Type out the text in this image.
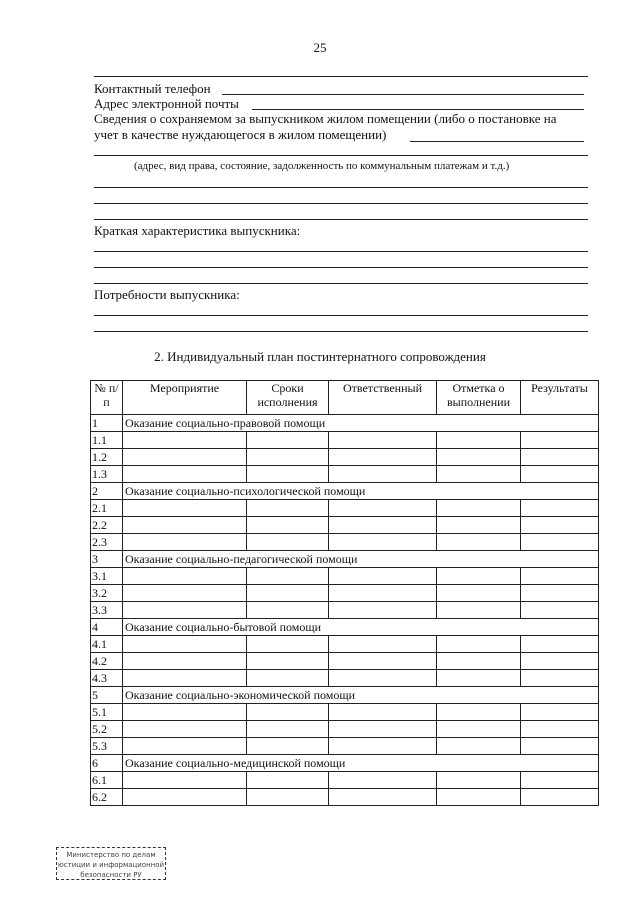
25
Контактный телефон
Адрес электронной почты
Сведения о сохраняемом за выпускником жилом помещении (либо о постановке на
учет в качестве нуждающегося в жилом помещении)
(адрес, вид права, состояние, задолженность по коммунальным платежам и т.д.)
Краткая характеристика выпускника:
Потребности выпускника:
2. Индивидуальный план постинтернатного сопровождения
№ п/п	Мероприятие	Сроки исполнения	Ответственный	Отметка о выполнении	Результаты
1	Оказание социально-правовой помощи				
1.1					
1.2					
1.3					
2	Оказание социально-психологической помощи				
2.1					
2.2					
2.3					
3	Оказание социально-педагогической помощи				
3.1					
3.2					
3.3					
4	Оказание социально-бытовой помощи				
4.1					
4.2					
4.3					
5	Оказание социально-экономической помощи				
5.1					
5.2					
5.3					
6	Оказание социально-медицинской помощи				
6.1					
6.2					
Министерство по делам
юстиции и информационной
безопасности РУ
